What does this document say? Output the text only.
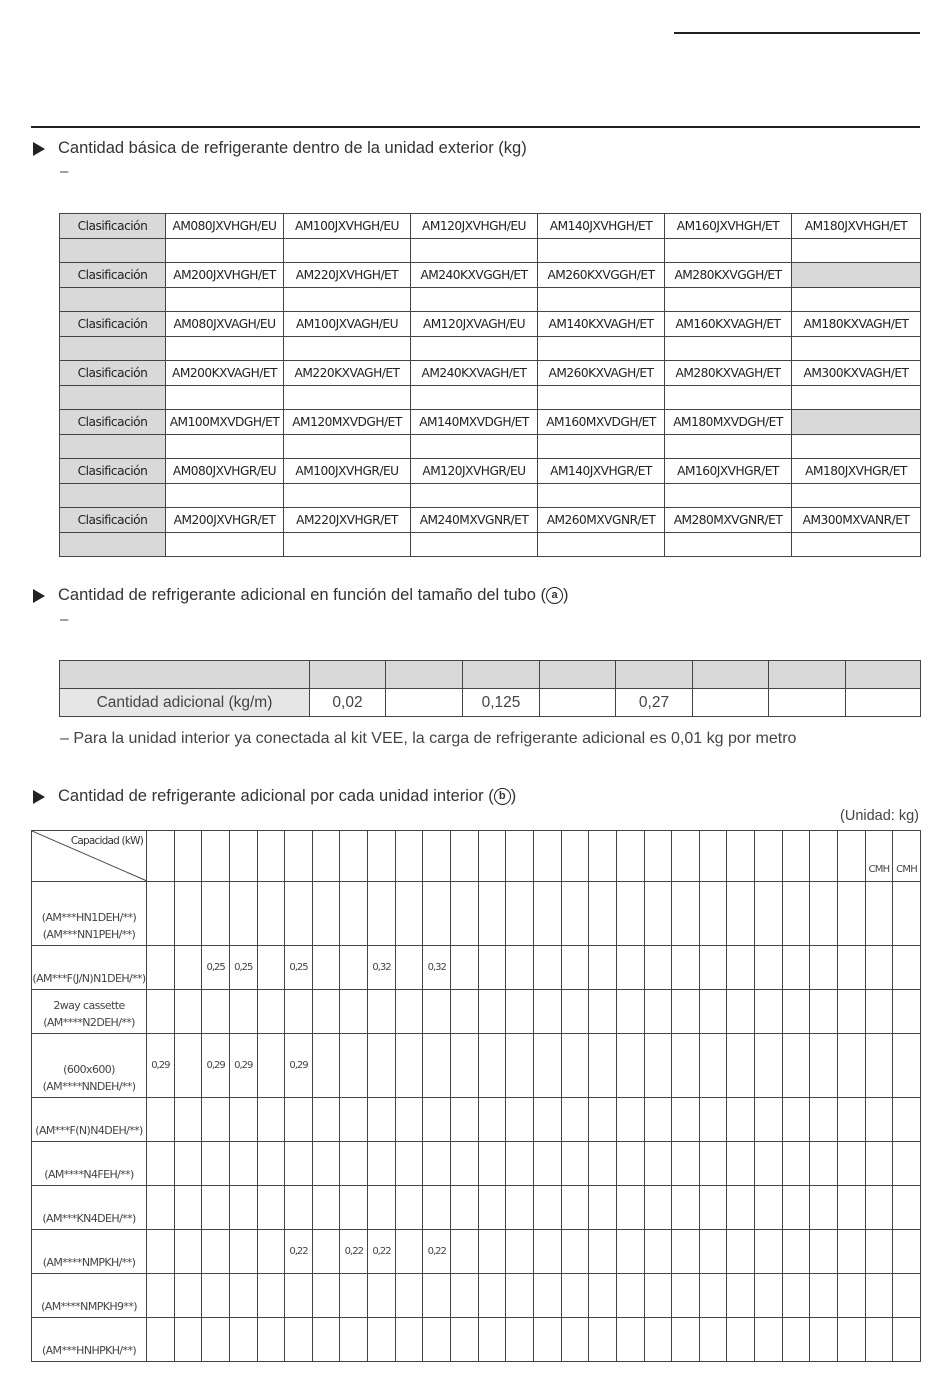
Cantidad básica de refrigerante dentro de la unidad exterior (kg)
–
Clasificación	AM080JXVHGH/EU	AM100JXVHGH/EU	AM120JXVHGH/EU	AM140JXVHGH/ET	AM160JXVHGH/ET	AM180JXVHGH/ET

Clasificación	AM200JXVHGH/ET	AM220JXVHGH/ET	AM240KXVGGH/ET	AM260KXVGGH/ET	AM280KXVGGH/ET	

Clasificación	AM080JXVAGH/EU	AM100JXVAGH/EU	AM120JXVAGH/EU	AM140KXVAGH/ET	AM160KXVAGH/ET	AM180KXVAGH/ET

Clasificación	AM200KXVAGH/ET	AM220KXVAGH/ET	AM240KXVAGH/ET	AM260KXVAGH/ET	AM280KXVAGH/ET	AM300KXVAGH/ET

Clasificación	AM100MXVDGH/ET	AM120MXVDGH/ET	AM140MXVDGH/ET	AM160MXVDGH/ET	AM180MXVDGH/ET	

Clasificación	AM080JXVHGR/EU	AM100JXVHGR/EU	AM120JXVHGR/EU	AM140JXVHGR/ET	AM160JXVHGR/ET	AM180JXVHGR/ET

Clasificación	AM200JXVHGR/ET	AM220JXVHGR/ET	AM240MXVGNR/ET	AM260MXVGNR/ET	AM280MXVGNR/ET	AM300MXVANR/ET

Cantidad de refrigerante adicional en función del tamaño del tubo ( a )
–

Cantidad adicional (kg/m)	0,02		0,125		0,27			
– Para la unidad interior ya conectada al kit VEE, la carga de refrigerante adicional es 0,01 kg por metro
Cantidad de refrigerante adicional por cada unidad interior ( b )
(Unidad: kg)
Capacidad (kW)																											CMH	CMH
(AM***HN1DEH/**)
(AM***NN1PEH/**)																												
(AM***F(J/N)N1DEH/**)			0,25	0,25		0,25			0,32		0,32																	
2way cassette
(AM****N2DEH/**)																												
(600x600)
(AM****NNDEH/**)	0,29		0,29	0,29		0,29																						
(AM***F(N)N4DEH/**)																												
(AM****N4FEH/**)																												
(AM***KN4DEH/**)																												
(AM****NMPKH/**)						0,22		0,22	0,22		0,22																	
(AM****NMPKH9**)																												
(AM***HNHPKH/**)																												
